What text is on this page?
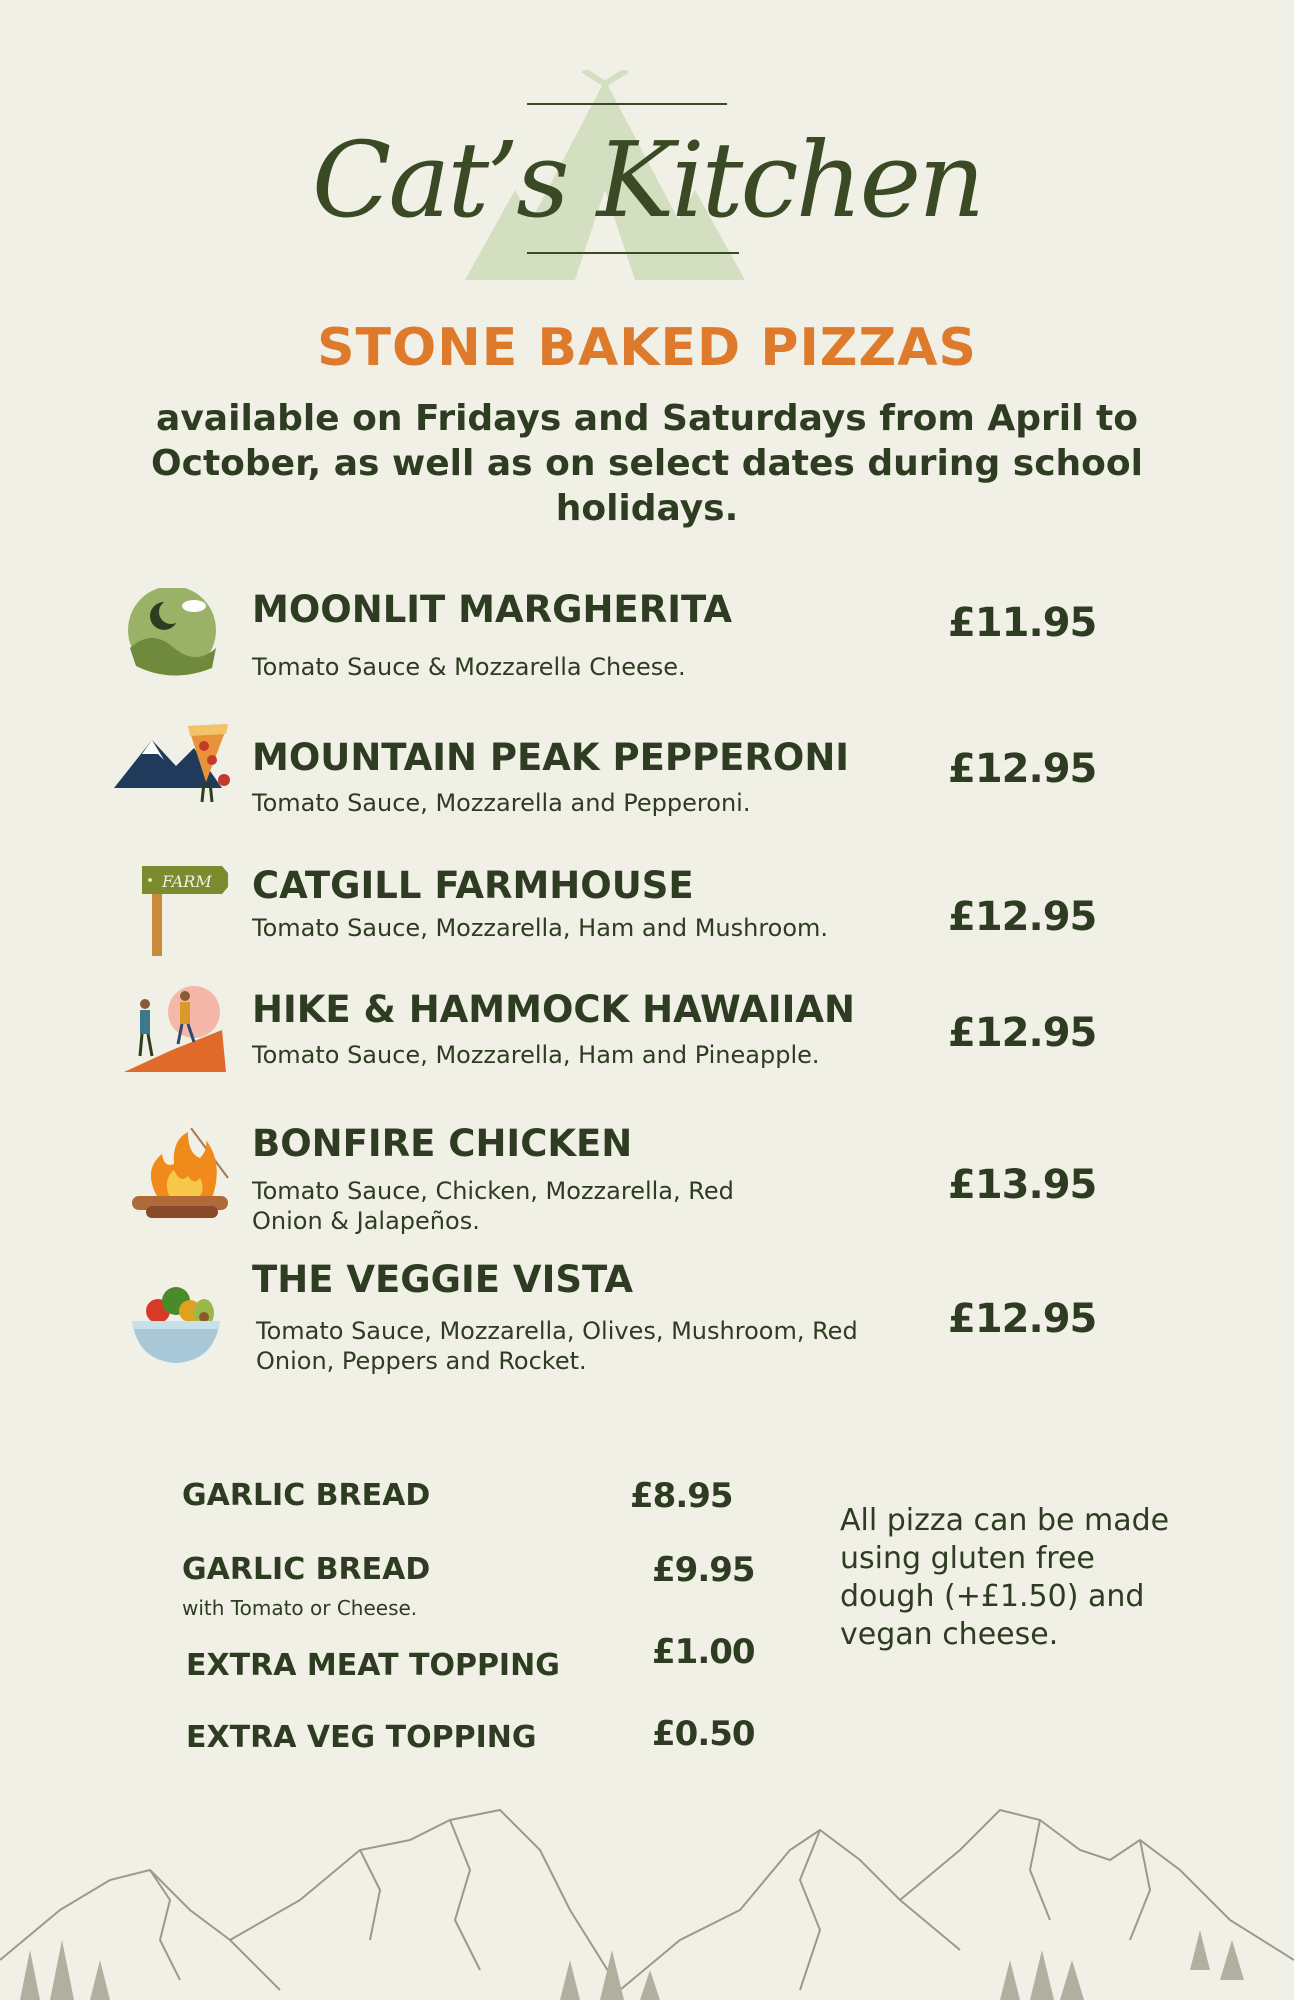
Cat’s Kitchen
STONE BAKED PIZZAS
available on Fridays and Saturdays from April to October, as well as on select dates during school holidays.
MOONLIT MARGHERITA
Tomato Sauce & Mozzarella Cheese.
£11.95
MOUNTAIN PEAK PEPPERONI
Tomato Sauce, Mozzarella and Pepperoni.
£12.95
FARM CATGILL FARMHOUSE
Tomato Sauce, Mozzarella, Ham and Mushroom.	£12.95
HIKE & HAMMOCK HAWAIIAN
Tomato Sauce, Mozzarella, Ham and Pineapple.	£12.95
BONFIRE CHICKEN
Tomato Sauce, Chicken, Mozzarella, Red Onion & Jalapeños.
£13.95
THE VEGGIE VISTA
Tomato Sauce, Mozzarella, Olives, Mushroom, Red Onion, Peppers and Rocket.
£12.95
GARLIC BREAD	£8.95
GARLIC BREAD
with Tomato or Cheese.
£9.95
EXTRA MEAT TOPPING	£1.00
EXTRA VEG TOPPING	£0.50
All pizza can be made using gluten free dough (+£1.50) and vegan cheese.
